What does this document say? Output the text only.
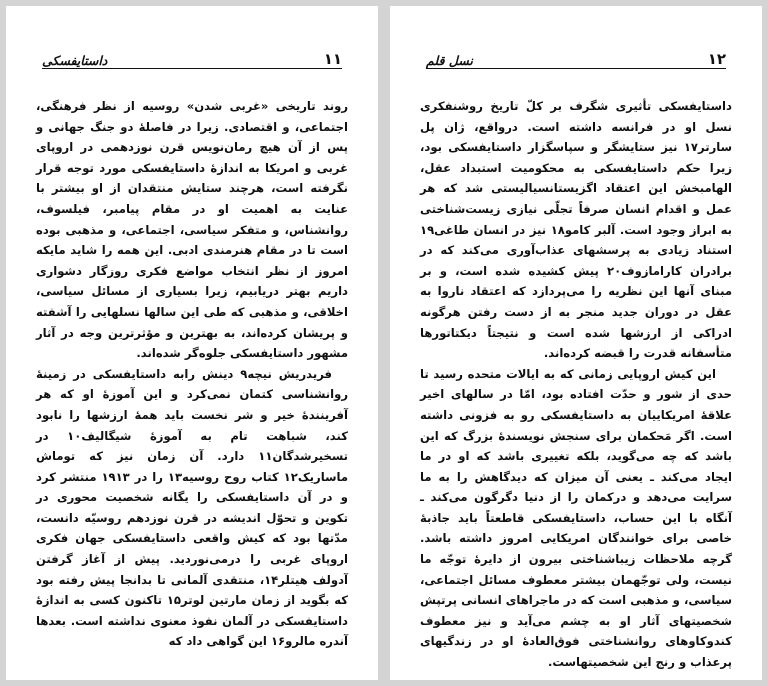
۱۱
داستایفسکی

روند تاریخی «غربی شدن» روسیه از نظر فرهنگی، اجتماعی، و اقتصادی. زیرا در فاصلهٔ دو جنگ جهانی و پس از آن هیچ رمان‌نویس قرن نوزدهمی در اروپای غربی و امریکا به اندازهٔ داستایفسکی مورد توجه قرار نگرفته است، هرچند ستایش منتقدان از او بیشتر با عنایت به اهمیت او در مقام پیامبر، فیلسوف، روانشناس، و متفکر سیاسی، اجتماعی، و مذهبی بوده است تا در مقام هنرمندی ادبی. این همه را شاید مایکه امروز از نظر انتخاب مواضع فکری روزگار دشواری داریم بهتر دریابیم، زیرا بسیاری از مسائل سیاسی، اخلاقی، و مذهبی که طی این سالها نسلهایی را آشفته و پریشان کرده‌اند، به بهترین و مؤثرترین وجه در آثار مشهور داستایفسکی جلوه‌گر شده‌اند.

فریدریش نیچه۹ دینش رابه داستایفسکی در زمینهٔ روانشناسی کتمان نمی‌کرد و این آموزهٔ او که هر آفرینندهٔ خیر و شر نخست باید همهٔ ارزشها را نابود کند، شباهت تام به آموزهٔ شیگالیف۱۰ در تسخیرشدگان۱۱ دارد. آن زمان نیز که توماش ماساریک۱۲ کتاب روح روسیه۱۳ را در ۱۹۱۳ منتشر کرد و در آن داستایفسکی را یگانه شخصیت محوری در تکوین و تحوّل اندیشه در قرن نوزدهم روسیّه دانست، مدّتها بود که کیش واقعی داستایفسکی جهان فکری اروپای غربی را درمی‌نوردید. پیش از آغاز گرفتن آدولف هیتلر۱۴، منتقدی آلمانی تا بدانجا پیش رفته بود که بگوید از زمان مارتین لوتر۱۵ تاکنون کسی به اندازهٔ داستایفسکی در آلمان نفوذ معنوی نداشته است. بعدها آندره مالرو۱۶ این گواهی داد که

۱۲
نسل قلم

داستایفسکی تأثیری شگرف بر کلّ تاریخ روشنفکری نسل او در فرانسه داشته است. درواقع، ژان پل سارتر۱۷ نیز ستایشگر و سپاسگزار داستایفسکی بود، زیرا حکم داستایفسکی به محکومیت استبداد عقل، الهامبخش این اعتقاد اگزیستانسیالیستی شد که هر عمل و اقدام انسان صرفاً تجلّی نیازی زیست‌شناختی به ابراز وجود است. آلبر کامو۱۸ نیز در انسان طاغی۱۹ استناد زیادی به پرسشهای عذاب‌آوری می‌کند که در برادران کارامازوف۲۰ پیش کشیده شده است، و بر مبنای آنها این نظریه را می‌پردازد که اعتقاد ناروا به عقل در دوران جدید منجر به از دست رفتن هرگونه ادراکی از ارزشها شده است و نتیجتاً دیکتاتورها متأسفانه قدرت را قبضه کرده‌اند.

این کیش اروپایی زمانی که به ایالات متحده رسید تا حدی از شور و حدّت افتاده بود، امّا در سالهای اخیر علاقهٔ امریکاییان به داستایفسکی رو به فزونی داشته است. اگر مَحکمان برای سنجش نویسندهٔ بزرگ که این باشد که چه می‌گوید، بلکه تغییری باشد که او در ما ایجاد می‌کند ـ یعنی آن میزان که دیدگاهش را به ما سرایت می‌دهد و درکمان را از دنیا دگرگون می‌کند ـ آنگاه با این حساب، داستایفسکی قاطعتاً باید جاذبهٔ خاصی برای خوانندگان امریکایی امروز داشته باشد. گرچه ملاحظات زیباشناختی بیرون از دایرهٔ توجّه ما نیست، ولی توجّهمان بیشتر معطوف مسائل اجتماعی، سیاسی، و مذهبی است که در ماجراهای انسانی پرتپش شخصیتهای آثار او به چشم می‌آید و نیز معطوف کندوکاوهای روانشناختی فوق‌العادهٔ او در زندگیهای پرعذاب و رنج این شخصیتهاست.
